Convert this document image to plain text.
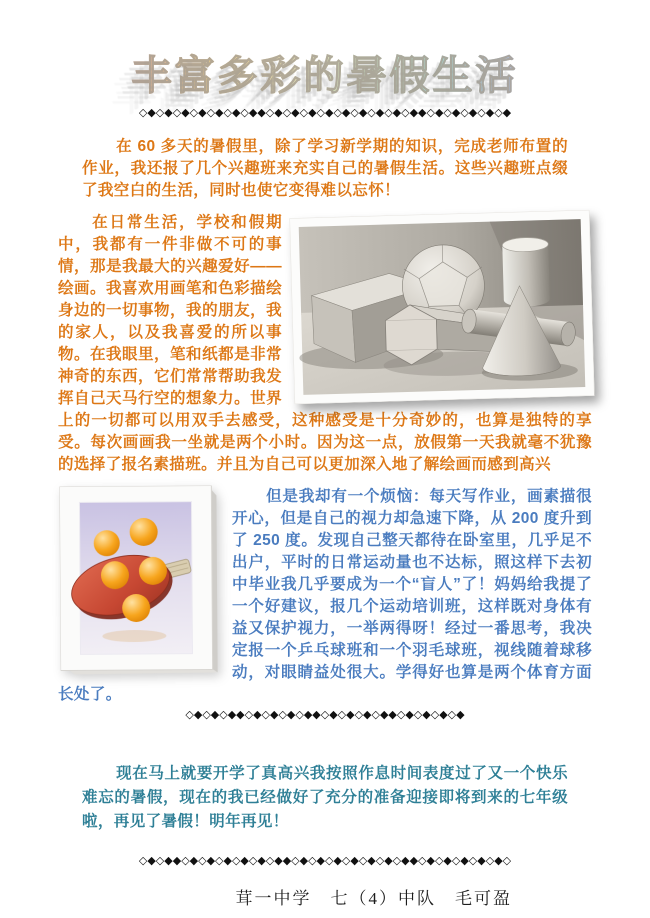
丰富多彩的暑假生活
◇◆◇◆◇◆◇◆◇◆◇◆◇◆◆◇◆◇◆◇◆◇◆◇◆◇◆◇◆◇◆◇◆◆◇◆◇◆◇◆◇◆◇◆

在 60 多天的暑假里，除了学习新学期的知识，完成老师布置的作业，我还报了几个兴趣班来充实自己的暑假生活。这些兴趣班点缀了我空白的生活，同时也使它变得难以忘怀！

在日常生活，学校和假期中，我都有一件非做不可的事情，那是我最大的兴趣爱好——绘画。我喜欢用画笔和色彩描绘身边的一切事物，我的朋友，我的家人，以及我喜爱的所以事物。在我眼里，笔和纸都是非常神奇的东西，它们常常帮助我发挥自己天马行空的想象力。世界上的一切都可以用双手去感受，这种感受是十分奇妙的，也算是独特的享受。每次画画我一坐就是两个小时。因为这一点，放假第一天我就毫不犹豫的选择了报名素描班。并且为自己可以更加深入地了解绘画而感到高兴

但是我却有一个烦恼：每天写作业，画素描很开心，但是自己的视力却急速下降，从 200 度升到了 250 度。发现自己整天都待在卧室里，几乎足不出户，平时的日常运动量也不达标，照这样下去初中毕业我几乎要成为一个“盲人”了！妈妈给我提了一个好建议，报几个运动培训班，这样既对身体有益又保护视力，一举两得呀！经过一番思考，我决定报一个乒乓球班和一个羽毛球班，视线随着球移动，对眼睛益处很大。学得好也算是两个体育方面长处了。

◇◆◇◆◇◆◆◇◆◇◆◇◆◇◆◆◇◆◇◆◇◆◇◆◆◇◆◇◆◇◆◇◆

现在马上就要开学了真高兴我按照作息时间表度过了又一个快乐难忘的暑假，现在的我已经做好了充分的准备迎接即将到来的七年级啦，再见了暑假！明年再见！

◇◆◇◆◆◇◆◇◆◇◆◇◆◇◆◇◆◆◇◆◇◆◇◆◇◆◇◆◇◆◇◆◆◇◆◇◆◇◆◇◆◇◆◇

茸一中学　七（4）中队　毛可盈
